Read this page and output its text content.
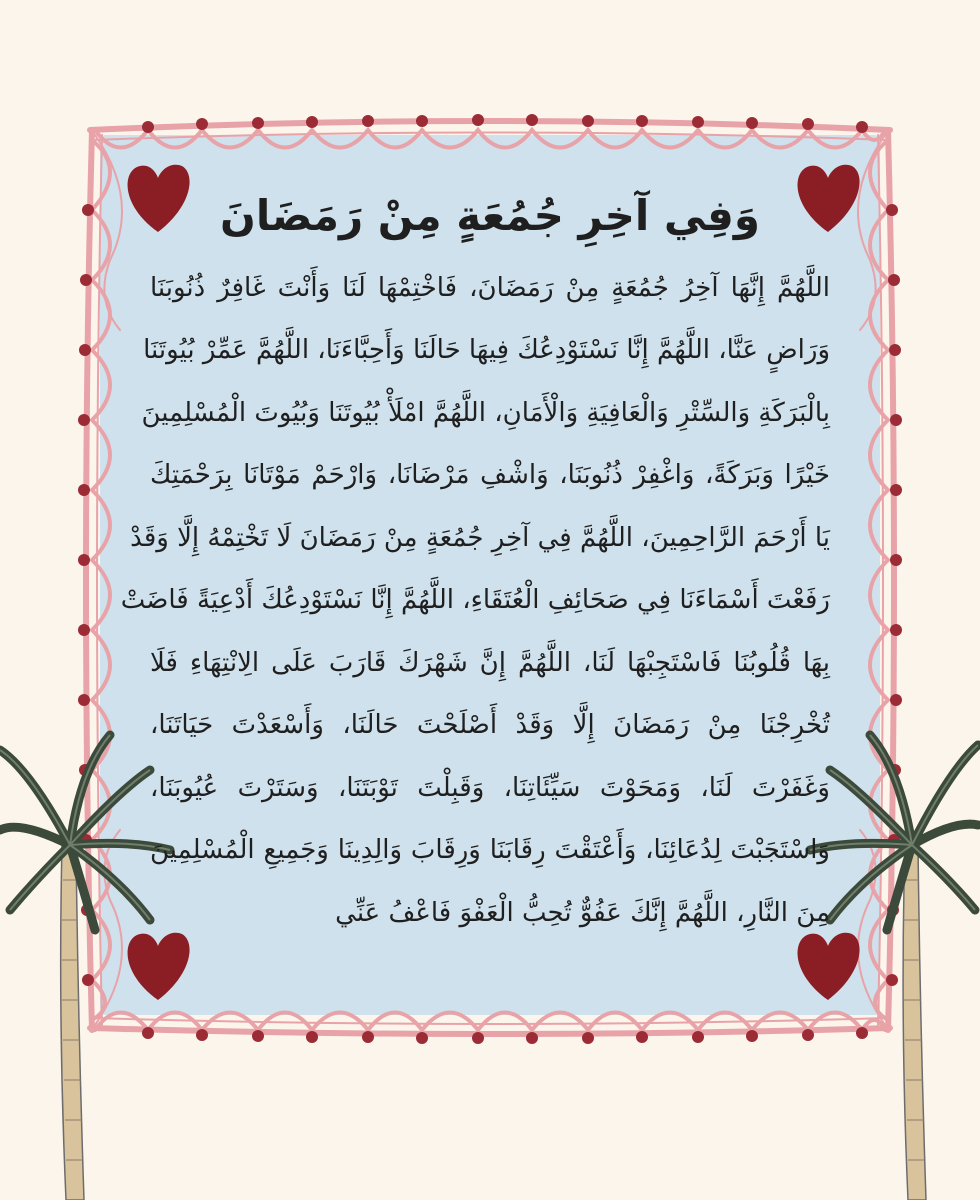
وَفِي آخِرِ جُمُعَةٍ مِنْ رَمَضَانَ
اللَّهُمَّ إِنَّهَا آخِرُ جُمُعَةٍ مِنْ رَمَضَانَ، فَاخْتِمْهَا لَنَا وَأَنْتَ غَافِرٌ ذُنُوبَنَا
وَرَاضٍ عَنَّا، اللَّهُمَّ إِنَّا نَسْتَوْدِعُكَ فِيهَا حَالَنَا وَأَحِبَّاءَنَا، اللَّهُمَّ عَمِّرْ بُيُوتَنَا
بِالْبَرَكَةِ وَالسِّتْرِ وَالْعَافِيَةِ وَالْأَمَانِ، اللَّهُمَّ امْلَأْ بُيُوتَنَا وَبُيُوتَ الْمُسْلِمِينَ
خَيْرًا وَبَرَكَةً، وَاغْفِرْ ذُنُوبَنَا، وَاشْفِ مَرْضَانَا، وَارْحَمْ مَوْتَانَا بِرَحْمَتِكَ
يَا أَرْحَمَ الرَّاحِمِينَ، اللَّهُمَّ فِي آخِرِ جُمُعَةٍ مِنْ رَمَضَانَ لَا تَخْتِمْهُ إِلَّا وَقَدْ
رَفَعْتَ أَسْمَاءَنَا فِي صَحَائِفِ الْعُتَقَاءِ، اللَّهُمَّ إِنَّا نَسْتَوْدِعُكَ أَدْعِيَةً فَاضَتْ
بِهَا قُلُوبُنَا فَاسْتَجِبْهَا لَنَا، اللَّهُمَّ إِنَّ شَهْرَكَ قَارَبَ عَلَى الِانْتِهَاءِ فَلَا
تُخْرِجْنَا مِنْ رَمَضَانَ إِلَّا وَقَدْ أَصْلَحْتَ حَالَنَا، وَأَسْعَدْتَ حَيَاتَنَا،
وَغَفَرْتَ لَنَا، وَمَحَوْتَ سَيِّئَاتِنَا، وَقَبِلْتَ تَوْبَتَنَا، وَسَتَرْتَ عُيُوبَنَا،
وَاسْتَجَبْتَ لِدُعَائِنَا، وَأَعْتَقْتَ رِقَابَنَا وَرِقَابَ وَالِدِينَا وَجَمِيعِ الْمُسْلِمِينَ
مِنَ النَّارِ، اللَّهُمَّ إِنَّكَ عَفُوٌّ تُحِبُّ الْعَفْوَ فَاعْفُ عَنِّي
